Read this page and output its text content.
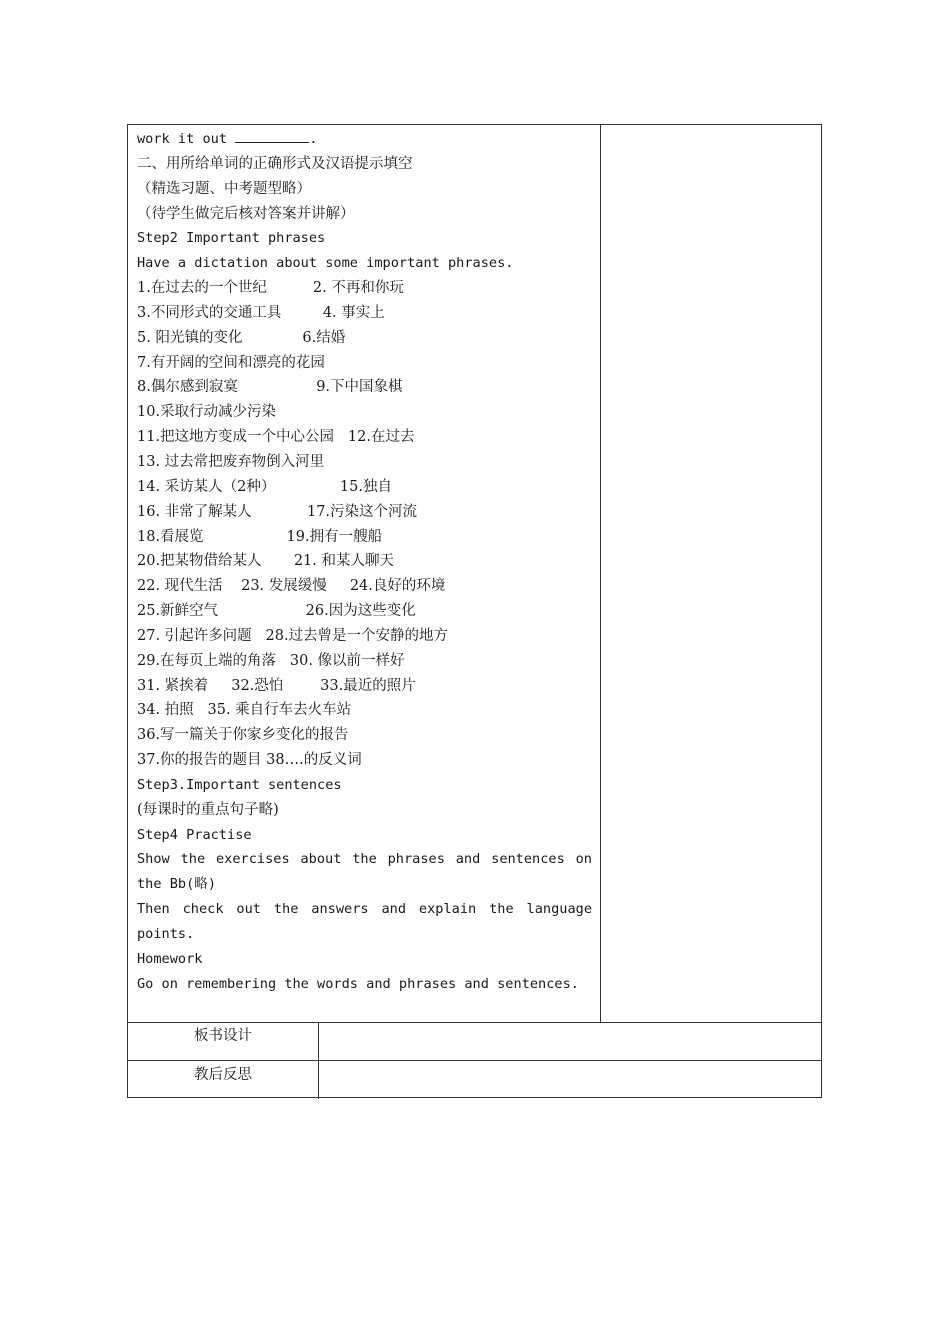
work it out	.
二、用所给单词的正确形式及汉语提示填空
（精选习题、中考题型略）
（待学生做完后核对答案并讲解）
Step2 Important phrases
Have a dictation about some important phrases.
1.在过去的一个世纪          2. 不再和你玩
3.不同形式的交通工具         4. 事实上
5. 阳光镇的变化             6.结婚
7.有开阔的空间和漂亮的花园
8.偶尔感到寂寞                 9.下中国象棋
10.采取行动减少污染
11.把这地方变成一个中心公园   12.在过去
13. 过去常把废弃物倒入河里
14. 采访某人（2种）              15.独自
16. 非常了解某人            17.污染这个河流
18.看展览                  19.拥有一艘船
20.把某物借给某人       21. 和某人聊天
22. 现代生活    23. 发展缓慢     24.良好的环境
25.新鲜空气                   26.因为这些变化
27. 引起许多问题   28.过去曾是一个安静的地方
29.在每页上端的角落   30. 像以前一样好
31. 紧挨着     32.恐怕        33.最近的照片
34. 拍照   35. 乘自行车去火车站
36.写一篇关于你家乡变化的报告
37.你的报告的题目 38….的反义词
Step3.Important sentences
(每课时的重点句子略)
Step4 Practise
Show the exercises about the phrases and sentences on
the Bb(略)
Then check out the answers and explain the language
points.
Homework
Go on remembering the words and phrases and sentences.
板书设计
教后反思
